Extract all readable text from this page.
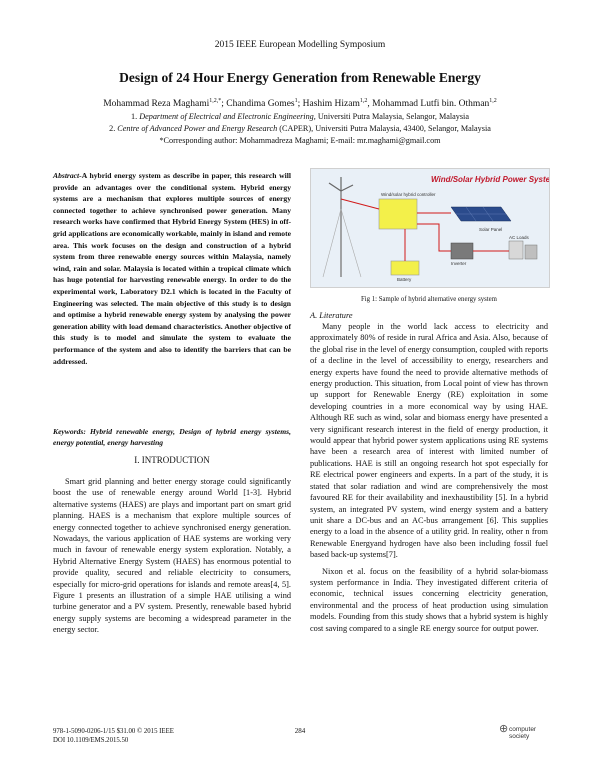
2015 IEEE European Modelling Symposium
Design of 24 Hour Energy Generation from Renewable Energy
Mohammad Reza Maghami$^{1,2,*}$; Chandima Gomes$^1$; Hashim Hizam$^{1,2}$, Mohammad Lutfi bin. Othman$^{1,2}$
1. Department of Electrical and Electronic Engineering, Universiti Putra Malaysia, Selangor, Malaysia
2. Centre of Advanced Power and Energy Research (CAPER), Universiti Putra Malaysia, 43400, Selangor, Malaysia
*Corresponding author: Mohammadreza Maghami; E-mail: mr.maghami@gmail.com
Abstract-A hybrid energy system as describe in paper, this research will provide an advantages over the conditional system. Hybrid energy systems are a mechanism that explores multiple sources of energy connected together to achieve synchronised power generation. Many research works have confirmed that Hybrid Energy System (HES) in off-grid applications are economically workable, mainly in island and remote area. This work focuses on the design and construction of a hybrid system from three renewable energy sources within Malaysia, namely wind, rain and solar. Malaysia is located within a tropical climate which has huge potential for harvesting renewable energy. In order to do the experimental work, Laboratory D2.1 which is located in the Faculty of Engineering was selected. The main objective of this study is to design and optimise a hybrid renewable energy system by analysing the power generation ability with load demand characteristics. Another objective of this study is to model and simulate the system to evaluate the performance of the system and also to identify the barriers that can be addressed.
Keywords: Hybrid renewable energy, Design of hybrid energy systems, energy potential, energy harvesting
I. INTRODUCTION
Smart grid planning and better energy storage could significantly boost the use of renewable energy around World [1-3]. Hybrid alternative systems (HAES) are plays and important part on smart grid planning. HAES is a mechanism that explore multiple sources of energy connected together to achieve synchronised energy generation. Nowadays, the various application of HAE systems are working very much in favour of renewable energy system exploration. Notably, a Hybrid Alternative Energy System (HAES) has enormous potential to provide quality, secured and reliable electricity to consumers, especially for micro-grid operations for islands and remote areas[4, 5]. Figure 1 presents an illustration of a simple HAE utilising a wind turbine generator and a PV system. Presently, renewable based hybrid energy supply systems are becoming a widespread parameter in the energy sector.
Wind/Solar Hybrid Power System
Wind/solar hybrid controller
Solar Panel
Inverter
AC Loads
Battery
Fig 1: Sample of hybrid alternative energy system
A. Literature

Many people in the world lack access to electricity and approximately 80% of reside in rural Africa and Asia. Also, because of the global rise in the level of energy consumption, coupled with reports of a decline in the level of accessibility to energy, researchers and energy experts have found the need to provide alternative methods of energy production. This situation, from Local point of view has thrown up support for Renewable Energy (RE) exploitation in some developing countries in a more economical way by using HAE. Although RE such as wind, solar and biomass energy have presented a very significant research interest in the field of energy production, it would appear that hybrid power system applications using RE systems have been a research area of interest with limited number of publications. HAE is still an ongoing research hot spot especially for RE electrical power engineers and experts. In a part of the study, it is stated that solar radiation and wind are comprehensively the most favoured RE for their availability and inexhaustibility [5]. In a hybrid system, an integrated PV system, wind energy system and a battery unit share a DC-bus and an AC-bus arrangement [6]. This supplies energy to a load in the absence of a utility grid. In reality, other n from Renewable Energyand hydrogen have also been including fossil fuel based back-up systems[7].

Nixon et al. focus on the feasibility of a hybrid solar-biomass system performance in India. They investigated different criteria of economic, technical issues concerning electricity generation, environmental and the process of heat production using simulation models. Founding from this study shows that a hybrid system is highly cost saving compared to a single RE energy source for output power.

978-1-5090-0206-1/15 $31.00 © 2015 IEEE
DOI 10.1109/EMS.2015.50
284	⊕ computer
society
